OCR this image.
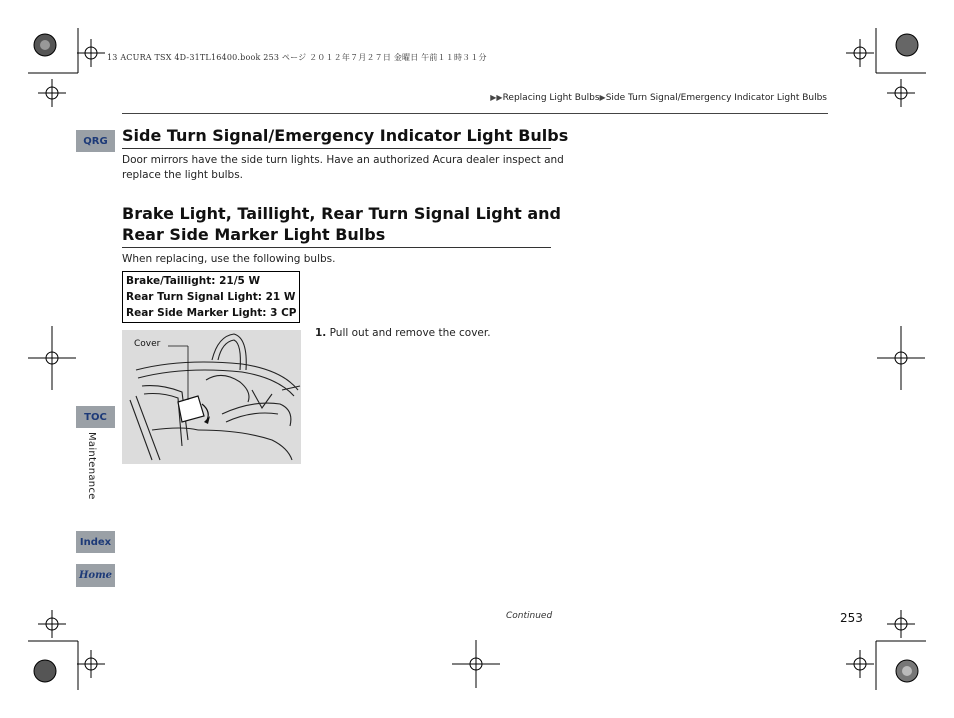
13 ACURA TSX 4D-31TL16400.book 253 ページ ２０１２年７月２７日 金曜日 午前１１時３１分
▶▶Replacing Light Bulbs▶Side Turn Signal/Emergency Indicator Light Bulbs
QRG
TOC
Maintenance
Index
Home
Side Turn Signal/Emergency Indicator Light Bulbs
Door mirrors have the side turn lights. Have an authorized Acura dealer inspect and
replace the light bulbs.
Brake Light, Taillight, Rear Turn Signal Light and
Rear Side Marker Light Bulbs
When replacing, use the following bulbs.
Brake/Taillight: 21/5 W
Rear Turn Signal Light: 21 W
Rear Side Marker Light: 3 CP
Cover
1. Pull out and remove the cover.
Continued	253
